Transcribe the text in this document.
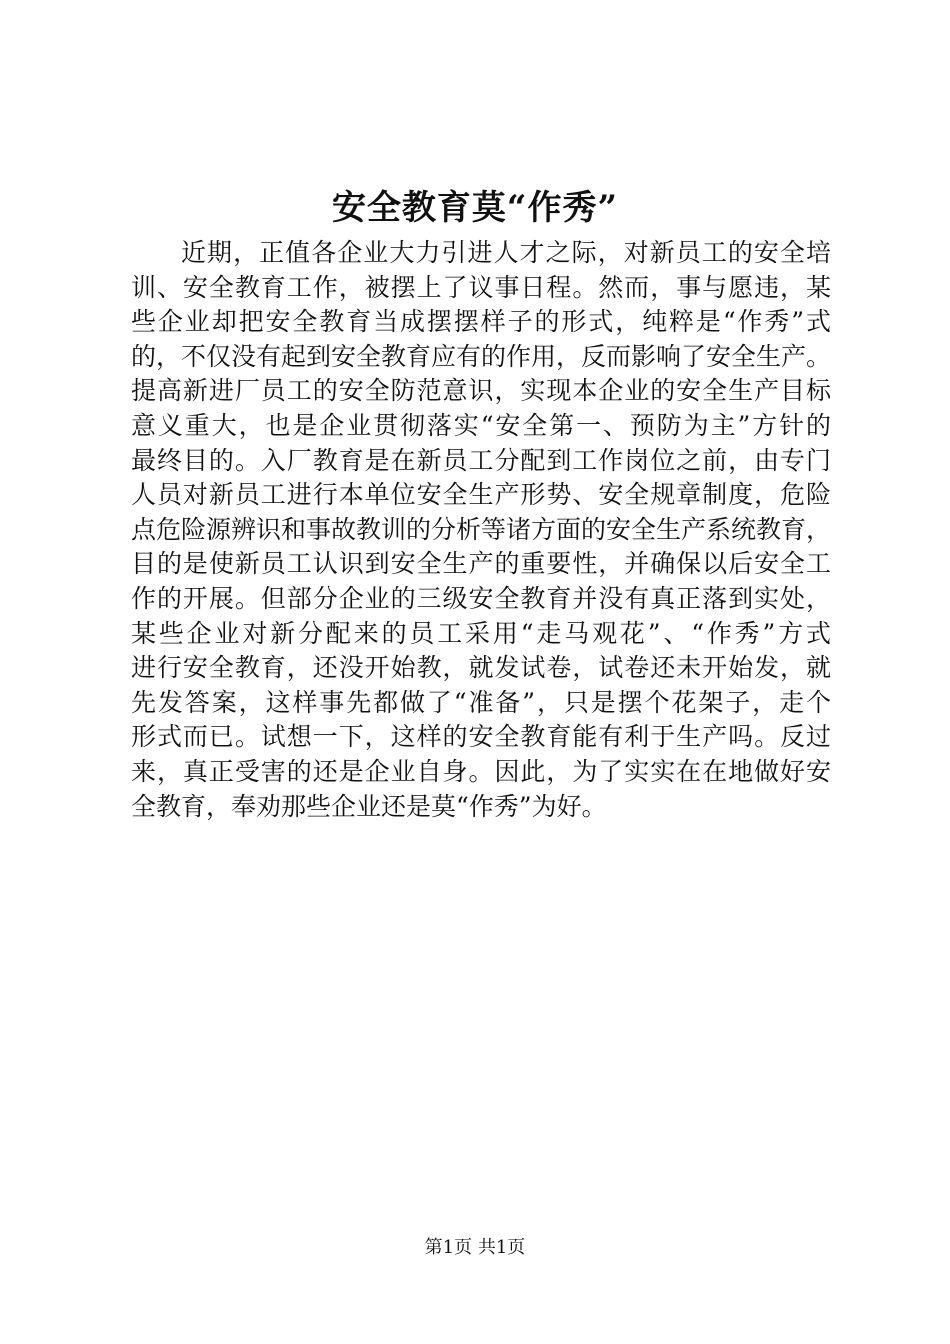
安全教育莫“作秀”
近期，正值各企业大力引进人才之际，对新员工的安全培
训、安全教育工作，被摆上了议事日程。然而，事与愿违，某
些企业却把安全教育当成摆摆样子的形式，纯粹是“作秀”式
的，不仅没有起到安全教育应有的作用，反而影响了安全生产。
提高新进厂员工的安全防范意识，实现本企业的安全生产目标
意义重大，也是企业贯彻落实“安全第一、预防为主”方针的
最终目的。入厂教育是在新员工分配到工作岗位之前，由专门
人员对新员工进行本单位安全生产形势、安全规章制度，危险
点危险源辨识和事故教训的分析等诸方面的安全生产系统教育，
目的是使新员工认识到安全生产的重要性，并确保以后安全工
作的开展。但部分企业的三级安全教育并没有真正落到实处，
某些企业对新分配来的员工采用“走马观花”、“作秀”方式
进行安全教育，还没开始教，就发试卷，试卷还未开始发，就
先发答案，这样事先都做了“准备”，只是摆个花架子，走个
形式而已。试想一下，这样的安全教育能有利于生产吗。反过
来，真正受害的还是企业自身。因此，为了实实在在地做好安
全教育，奉劝那些企业还是莫“作秀”为好。

第1页 共1页
